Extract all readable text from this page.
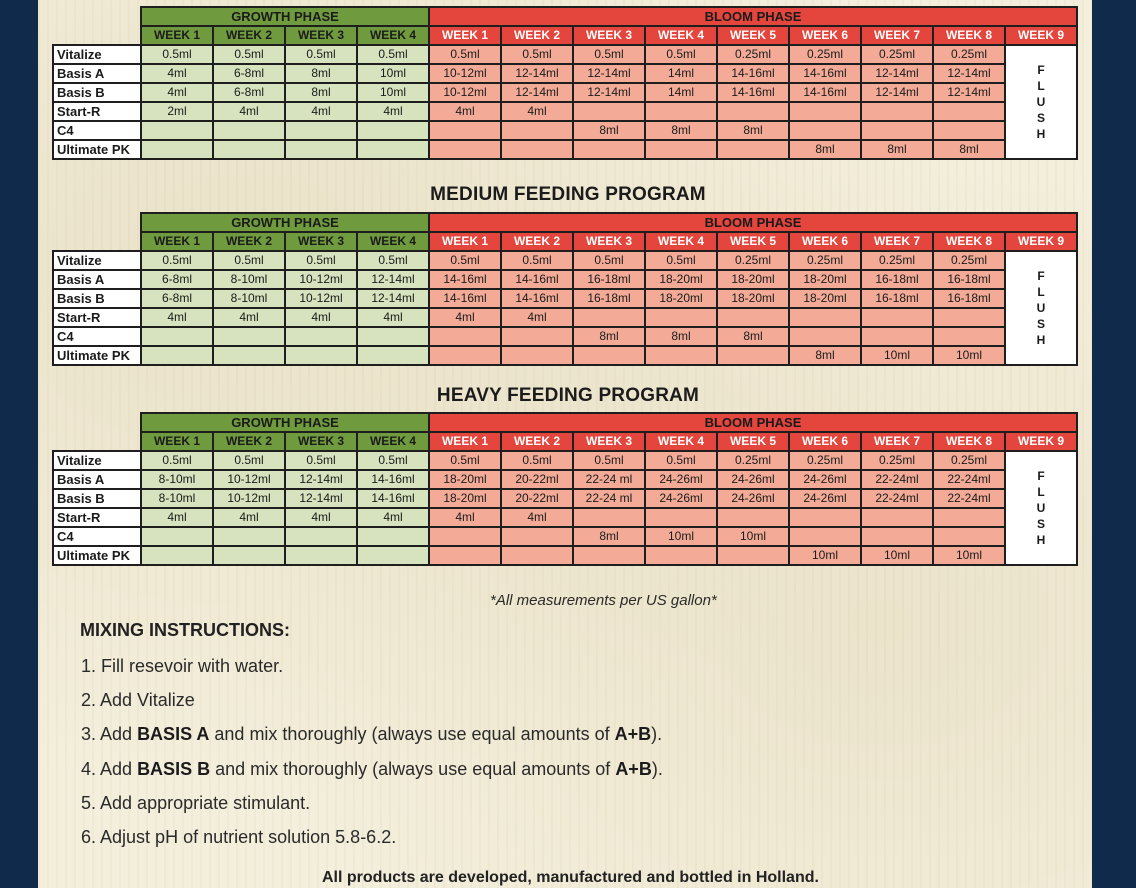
	GROWTH PHASE				BLOOM PHASE								
	WEEK 1	WEEK 2	WEEK 3	WEEK 4	WEEK 1	WEEK 2	WEEK 3	WEEK 4	WEEK 5	WEEK 6	WEEK 7	WEEK 8	WEEK 9
Vitalize	0.5ml	0.5ml	0.5ml	0.5ml	0.5ml	0.5ml	0.5ml	0.5ml	0.25ml	0.25ml	0.25ml	0.25ml	F
L
U
S
H

Basis A	4ml	6-8ml	8ml	10ml	10-12ml	12-14ml	12-14ml	14ml	14-16ml	14-16ml	12-14ml	12-14ml	
Basis B	4ml	6-8ml	8ml	10ml	10-12ml	12-14ml	12-14ml	14ml	14-16ml	14-16ml	12-14ml	12-14ml	
Start-R	2ml	4ml	4ml	4ml	4ml	4ml							
C4							8ml	8ml	8ml				
Ultimate PK										8ml	8ml	8ml	
MEDIUM FEEDING PROGRAM
	GROWTH PHASE				BLOOM PHASE								
	WEEK 1	WEEK 2	WEEK 3	WEEK 4	WEEK 1	WEEK 2	WEEK 3	WEEK 4	WEEK 5	WEEK 6	WEEK 7	WEEK 8	WEEK 9
Vitalize	0.5ml	0.5ml	0.5ml	0.5ml	0.5ml	0.5ml	0.5ml	0.5ml	0.25ml	0.25ml	0.25ml	0.25ml	F
L
U
S
H

Basis A	6-8ml	8-10ml	10-12ml	12-14ml	14-16ml	14-16ml	16-18ml	18-20ml	18-20ml	18-20ml	16-18ml	16-18ml	
Basis B	6-8ml	8-10ml	10-12ml	12-14ml	14-16ml	14-16ml	16-18ml	18-20ml	18-20ml	18-20ml	16-18ml	16-18ml	
Start-R	4ml	4ml	4ml	4ml	4ml	4ml							
C4							8ml	8ml	8ml				
Ultimate PK										8ml	10ml	10ml	
HEAVY FEEDING PROGRAM
	GROWTH PHASE				BLOOM PHASE								
	WEEK 1	WEEK 2	WEEK 3	WEEK 4	WEEK 1	WEEK 2	WEEK 3	WEEK 4	WEEK 5	WEEK 6	WEEK 7	WEEK 8	WEEK 9
Vitalize	0.5ml	0.5ml	0.5ml	0.5ml	0.5ml	0.5ml	0.5ml	0.5ml	0.25ml	0.25ml	0.25ml	0.25ml	F
L
U
S
H

Basis A	8-10ml	10-12ml	12-14ml	14-16ml	18-20ml	20-22ml	22-24 ml	24-26ml	24-26ml	24-26ml	22-24ml	22-24ml	
Basis B	8-10ml	10-12ml	12-14ml	14-16ml	18-20ml	20-22ml	22-24 ml	24-26ml	24-26ml	24-26ml	22-24ml	22-24ml	
Start-R	4ml	4ml	4ml	4ml	4ml	4ml							
C4							8ml	10ml	10ml				
Ultimate PK										10ml	10ml	10ml	
*All measurements per US gallon*
MIXING INSTRUCTIONS:
1. Fill resevoir with water.
2. Add Vitalize
3. Add BASIS A and mix thoroughly (always use equal amounts of A+B).
4. Add BASIS B and mix thoroughly (always use equal amounts of A+B).
5. Add appropriate stimulant.
6. Adjust pH of nutrient solution 5.8-6.2.
All products are developed, manufactured and bottled in Holland.
